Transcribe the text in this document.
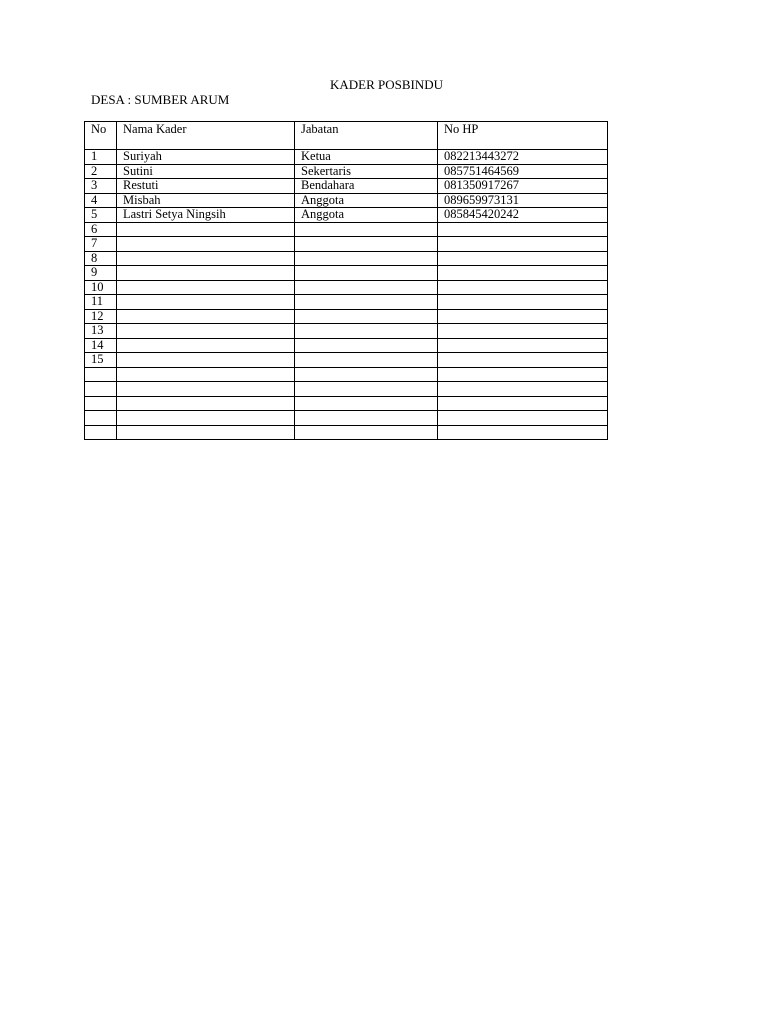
KADER POSBINDU
DESA : SUMBER ARUM
No	Nama Kader	Jabatan	No HP
1	Suriyah	Ketua	082213443272
2	Sutini	Sekertaris	085751464569
3	Restuti	Bendahara	081350917267
4	Misbah	Anggota	089659973131
5	Lastri Setya Ningsih	Anggota	085845420242
6			
7			
8			
9			
10			
11			
12			
13			
14			
15			
